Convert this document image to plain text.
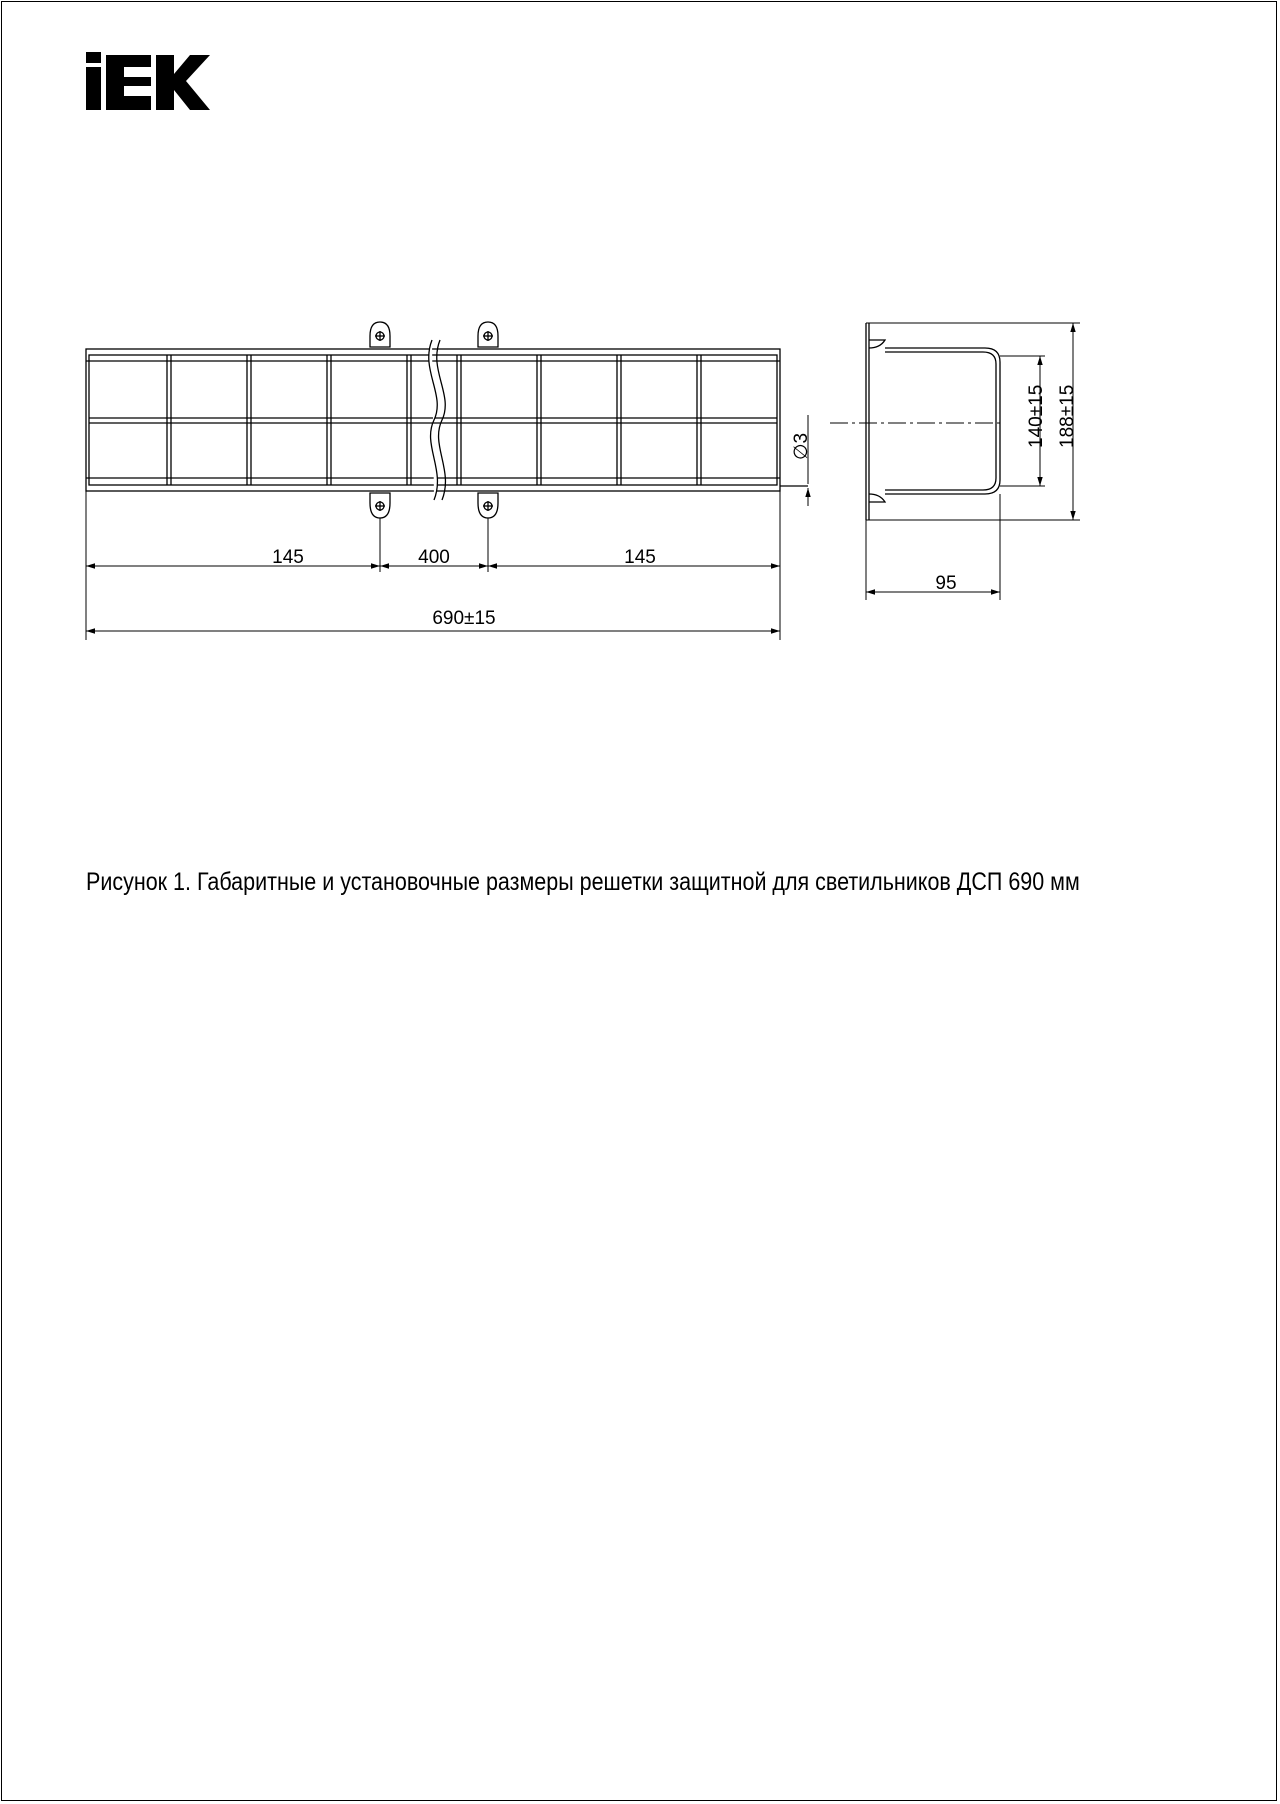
145	400	145
690±15
∅3
95
140±15 188±15
Рисунок 1. Габаритные и установочные размеры решетки защитной для светильников ДСП 690 мм
